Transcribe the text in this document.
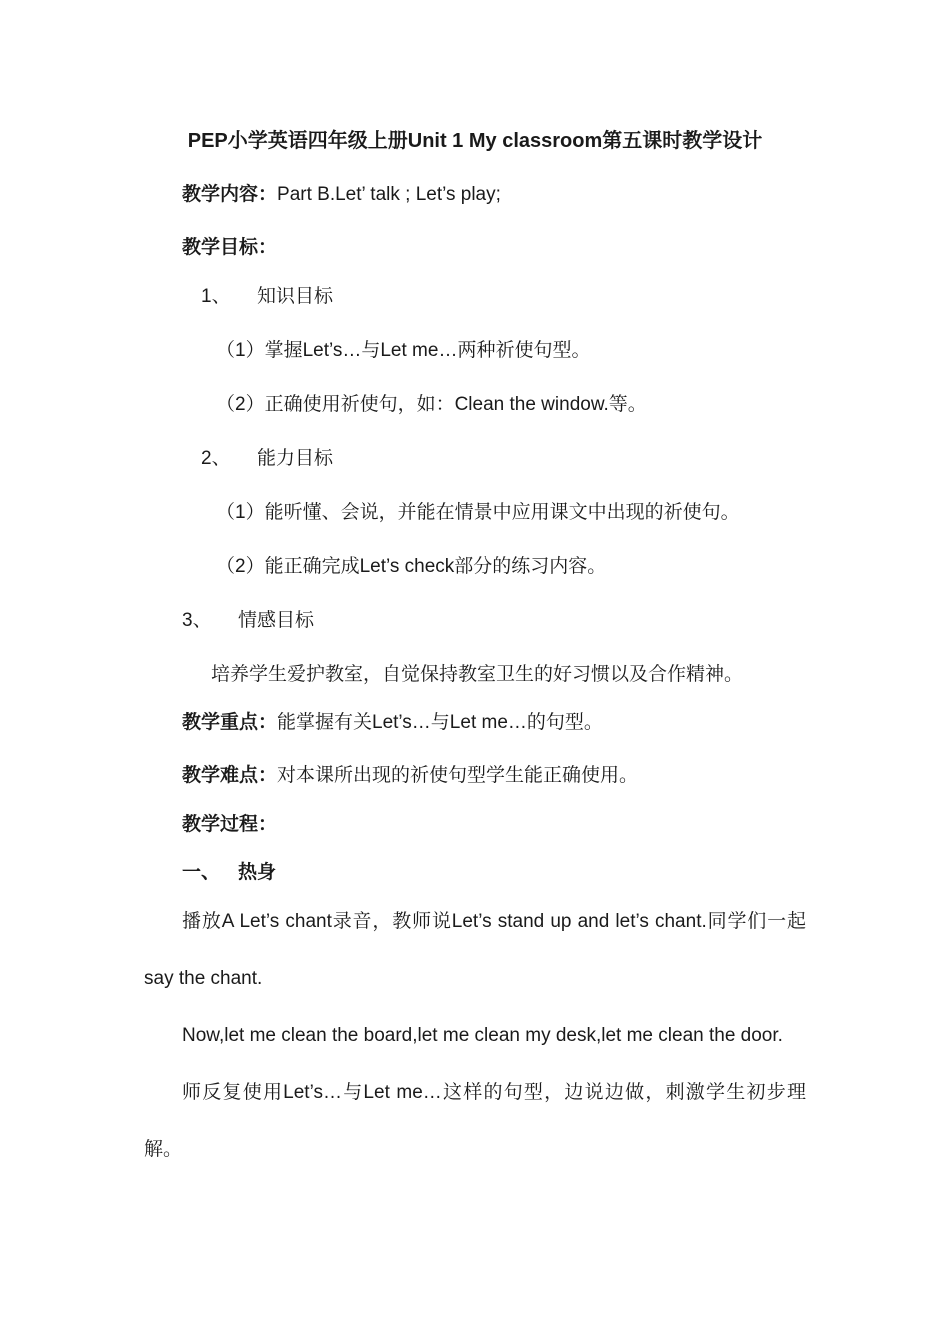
PEP小学英语四年级上册Unit 1 My classroom第五课时教学设计
教学内容：Part B.Let’ talk ; Let’s play;
教学目标：
1、 知识目标
（1）掌握Let’s…与Let me…两种祈使句型。
（2）正确使用祈使句，如：Clean the window.等。
2、 能力目标
（1）能听懂、会说，并能在情景中应用课文中出现的祈使句。
（2）能正确完成Let’s check部分的练习内容。
3、 情感目标
培养学生爱护教室，自觉保持教室卫生的好习惯以及合作精神。
教学重点：能掌握有关Let’s…与Let me…的句型。
教学难点：对本课所出现的祈使句型学生能正确使用。
教学过程：
一、 热身

播放A Let’s chant录音，教师说Let’s stand up and let’s chant.同学们一起say the chant.

Now,let me clean the board,let me clean my desk,let me clean the door.

师反复使用Let’s…与Let me…这样的句型，边说边做，刺激学生初步理解。
